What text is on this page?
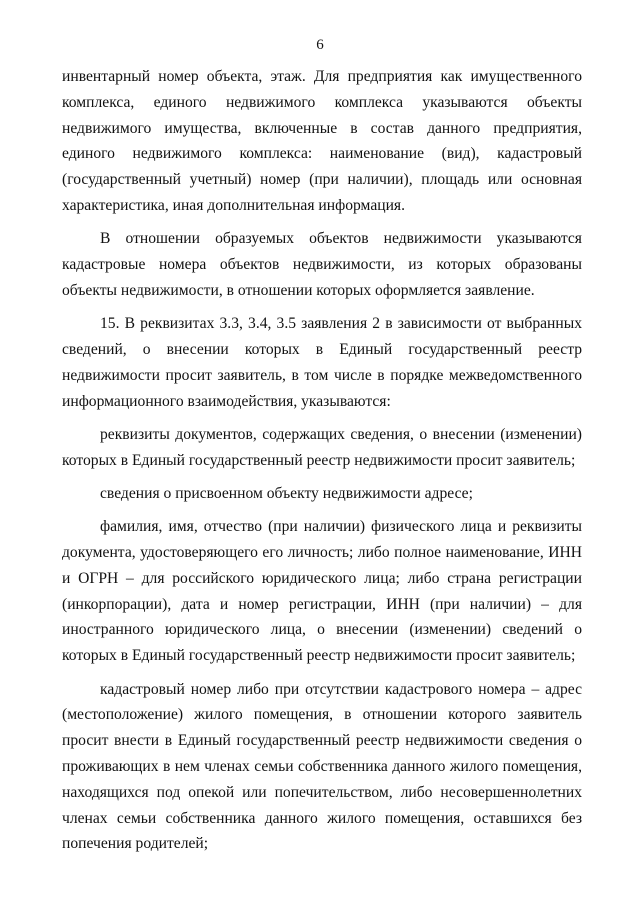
6

инвентарный номер объекта, этаж. Для предприятия как имущественного комплекса, единого недвижимого комплекса указываются объекты недвижимого имущества, включенные в состав данного предприятия, единого недвижимого комплекса: наименование (вид), кадастровый (государственный учетный) номер (при наличии), площадь или основная характеристика, иная дополнительная информация.

В отношении образуемых объектов недвижимости указываются кадастровые номера объектов недвижимости, из которых образованы объекты недвижимости, в отношении которых оформляется заявление.

15. В реквизитах 3.3, 3.4, 3.5 заявления 2 в зависимости от выбранных сведений, о внесении которых в Единый государственный реестр недвижимости просит заявитель, в том числе в порядке межведомственного информационного взаимодействия, указываются:

реквизиты документов, содержащих сведения, о внесении (изменении) которых в Единый государственный реестр недвижимости просит заявитель;

сведения о присвоенном объекту недвижимости адресе;

фамилия, имя, отчество (при наличии) физического лица и реквизиты документа, удостоверяющего его личность; либо полное наименование, ИНН и ОГРН – для российского юридического лица; либо страна регистрации (инкорпорации), дата и номер регистрации, ИНН (при наличии) – для иностранного юридического лица, о внесении (изменении) сведений о которых в Единый государственный реестр недвижимости просит заявитель;

кадастровый номер либо при отсутствии кадастрового номера – адрес (местоположение) жилого помещения, в отношении которого заявитель просит внести в Единый государственный реестр недвижимости сведения о проживающих в нем членах семьи собственника данного жилого помещения, находящихся под опекой или попечительством, либо несовершеннолетних членах семьи собственника данного жилого помещения, оставшихся без попечения родителей;
